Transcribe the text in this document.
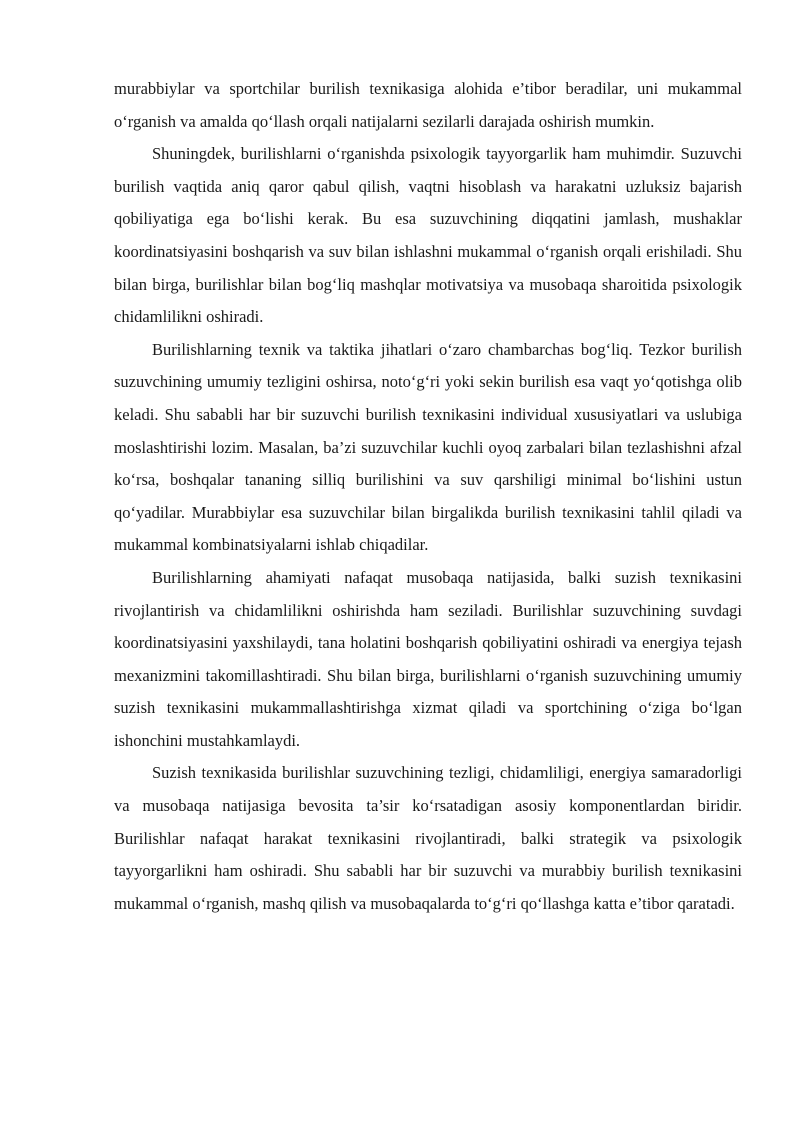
murabbiylar va sportchilar burilish texnikasiga alohida e’tibor beradilar, uni mukammal o‘rganish va amalda qo‘llash orqali natijalarni sezilarli darajada oshirish mumkin.

Shuningdek, burilishlarni o‘rganishda psixologik tayyorgarlik ham muhimdir. Suzuvchi burilish vaqtida aniq qaror qabul qilish, vaqtni hisoblash va harakatni uzluksiz bajarish qobiliyatiga ega bo‘lishi kerak. Bu esa suzuvchining diqqatini jamlash, mushaklar koordinatsiyasini boshqarish va suv bilan ishlashni mukammal o‘rganish orqali erishiladi. Shu bilan birga, burilishlar bilan bog‘liq mashqlar motivatsiya va musobaqa sharoitida psixologik chidamlilikni oshiradi.

Burilishlarning texnik va taktika jihatlari o‘zaro chambarchas bog‘liq. Tezkor burilish suzuvchining umumiy tezligini oshirsa, noto‘g‘ri yoki sekin burilish esa vaqt yo‘qotishga olib keladi. Shu sababli har bir suzuvchi burilish texnikasini individual xususiyatlari va uslubiga moslashtirishi lozim. Masalan, ba’zi suzuvchilar kuchli oyoq zarbalari bilan tezlashishni afzal ko‘rsa, boshqalar tananing silliq burilishini va suv qarshiligi minimal bo‘lishini ustun qo‘yadilar. Murabbiylar esa suzuvchilar bilan birgalikda burilish texnikasini tahlil qiladi va mukammal kombinatsiyalarni ishlab chiqadilar.

Burilishlarning ahamiyati nafaqat musobaqa natijasida, balki suzish texnikasini rivojlantirish va chidamlilikni oshirishda ham seziladi. Burilishlar suzuvchining suvdagi koordinatsiyasini yaxshilaydi, tana holatini boshqarish qobiliyatini oshiradi va energiya tejash mexanizmini takomillashtiradi. Shu bilan birga, burilishlarni o‘rganish suzuvchining umumiy suzish texnikasini mukammallashtirishga xizmat qiladi va sportchining o‘ziga bo‘lgan ishonchini mustahkamlaydi.

Suzish texnikasida burilishlar suzuvchining tezligi, chidamliligi, energiya samaradorligi va musobaqa natijasiga bevosita ta’sir ko‘rsatadigan asosiy komponentlardan biridir. Burilishlar nafaqat harakat texnikasini rivojlantiradi, balki strategik va psixologik tayyorgarlikni ham oshiradi. Shu sababli har bir suzuvchi va murabbiy burilish texnikasini mukammal o‘rganish, mashq qilish va musobaqalarda to‘g‘ri qo‘llashga katta e’tibor qaratadi.
